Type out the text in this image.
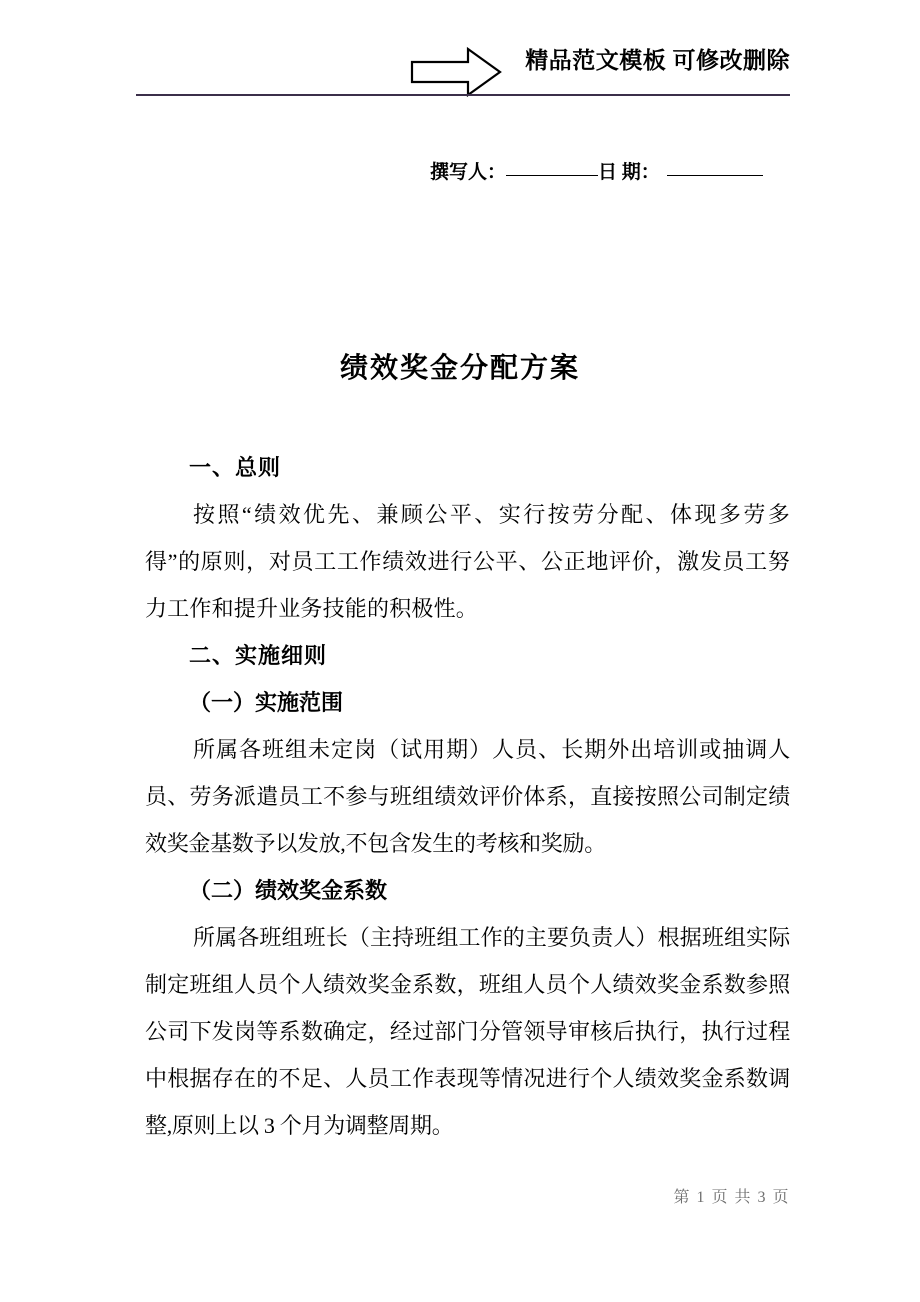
精品范文模板 可修改删除
撰写人：	日 期：
绩效奖金分配方案

一、总则

按照“绩效优先、兼顾公平、实行按劳分配、体现多劳多得”的原则，对员工工作绩效进行公平、公正地评价，激发员工努力工作和提升业务技能的积极性。

二、实施细则

（一）实施范围

所属各班组未定岗（试用期）人员、长期外出培训或抽调人员、劳务派遣员工不参与班组绩效评价体系，直接按照公司制定绩效奖金基数予以发放,不包含发生的考核和奖励。

（二）绩效奖金系数

所属各班组班长（主持班组工作的主要负责人）根据班组实际制定班组人员个人绩效奖金系数，班组人员个人绩效奖金系数参照公司下发岗等系数确定，经过部门分管领导审核后执行，执行过程中根据存在的不足、人员工作表现等情况进行个人绩效奖金系数调整,原则上以 3 个月为调整周期。

第 1 页 共 3 页
